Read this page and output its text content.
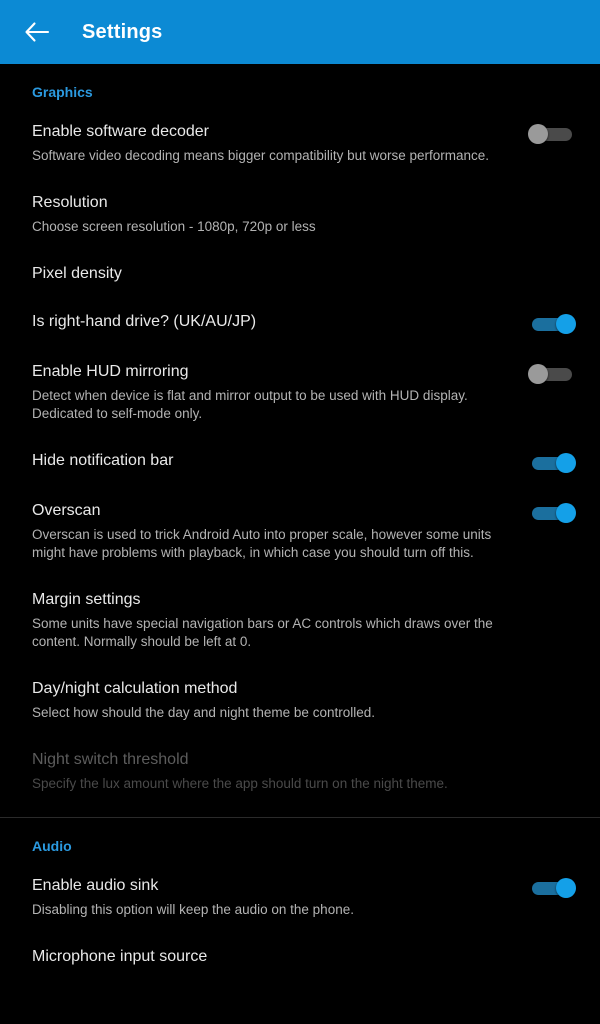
Settings
Graphics
Enable software decoder
Software video decoding means bigger compatibility but worse performance.
Resolution
Choose screen resolution - 1080p, 720p or less
Pixel density
Is right-hand drive? (UK/AU/JP)
Enable HUD mirroring
Detect when device is flat and mirror output to be used with HUD display. Dedicated to self-mode only.
Hide notification bar
Overscan
Overscan is used to trick Android Auto into proper scale, however some units might have problems with playback, in which case you should turn off this.
Margin settings
Some units have special navigation bars or AC controls which draws over the content. Normally should be left at 0.
Day/night calculation method
Select how should the day and night theme be controlled.
Night switch threshold
Specify the lux amount where the app should turn on the night theme.
Audio
Enable audio sink
Disabling this option will keep the audio on the phone.
Microphone input source
